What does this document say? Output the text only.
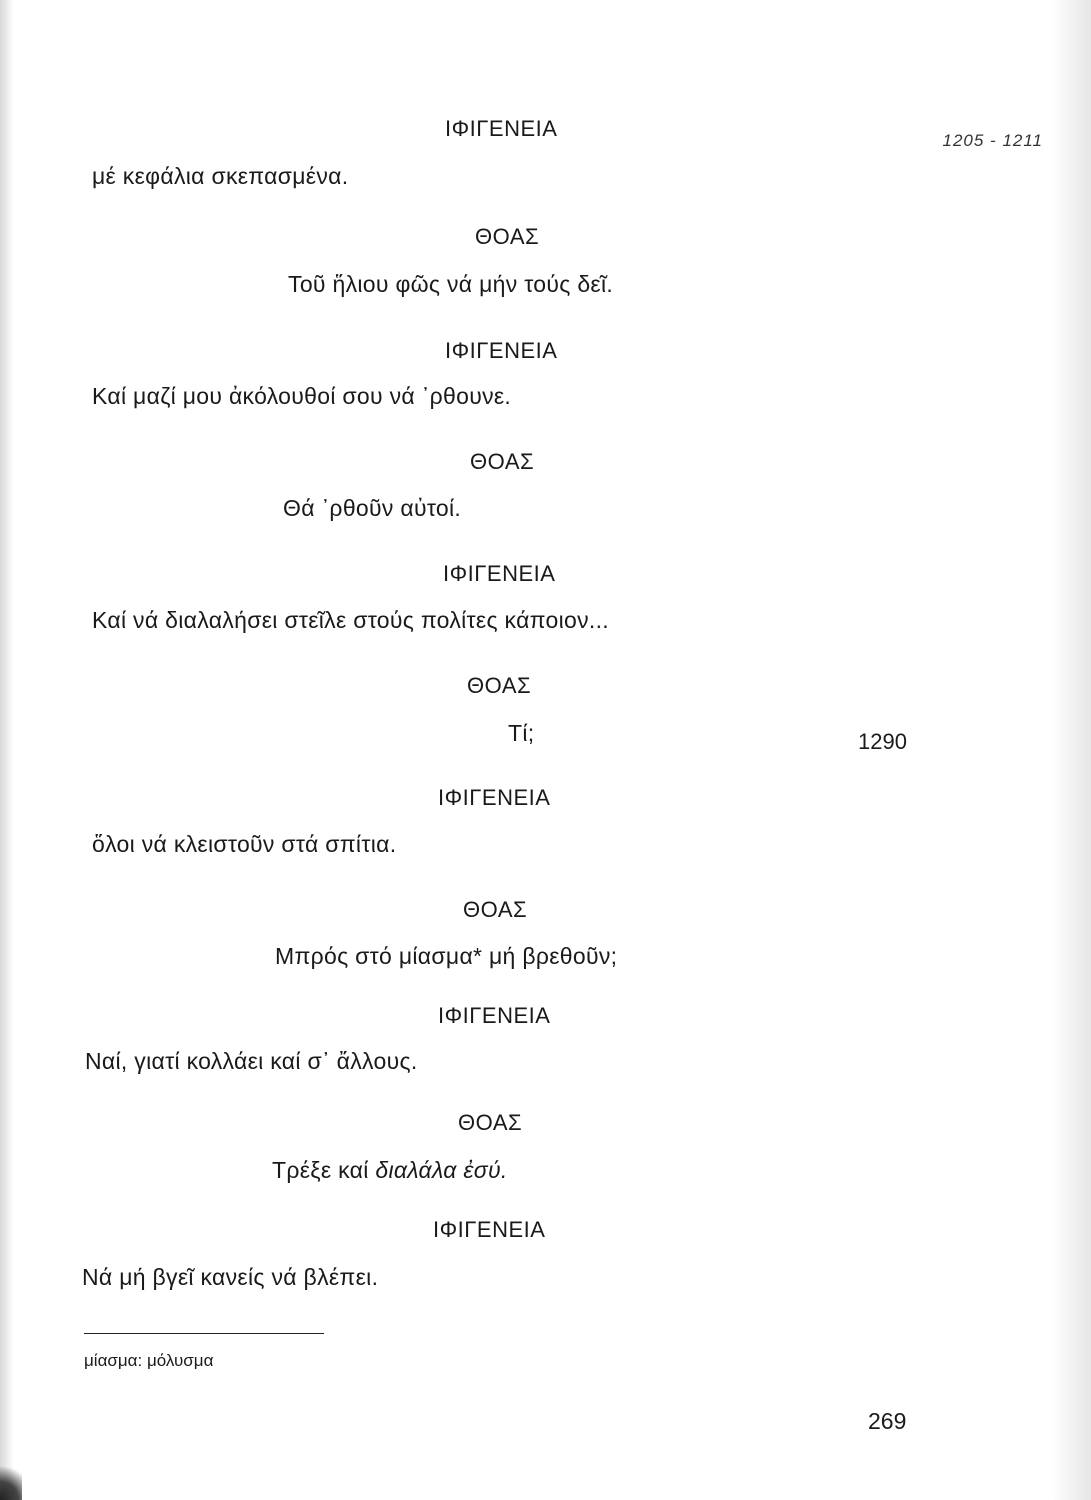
1205 - 1211
ΙΦΙΓΕΝΕΙΑ
μέ κεφάλια σκεπασμένα.
ΘΟΑΣ
Τοῦ ἥλιου φῶς νά μήν τούς δεῖ.
ΙΦΙΓΕΝΕΙΑ
Καί μαζί μου ἀκόλουθοί σου νά ᾽ρθουνε.
ΘΟΑΣ
Θά ᾽ρθοῦν αὐτοί.
ΙΦΙΓΕΝΕΙΑ
Καί νά διαλαλήσει στεῖλε στούς πολίτες κάποιον...
ΘΟΑΣ
Τί;	1290
ΙΦΙΓΕΝΕΙΑ
ὅλοι νά κλειστοῦν στά σπίτια.
ΘΟΑΣ
Μπρός στό μίασμα* μή βρεθοῦν;
ΙΦΙΓΕΝΕΙΑ
Ναί, γιατί κολλάει καί σ᾽ ἄλλους.
ΘΟΑΣ
Τρέξε καί διαλάλα ἐσύ.
ΙΦΙΓΕΝΕΙΑ
Νά μή βγεῖ κανείς νά βλέπει.
μίασμα: μόλυσμα
269
